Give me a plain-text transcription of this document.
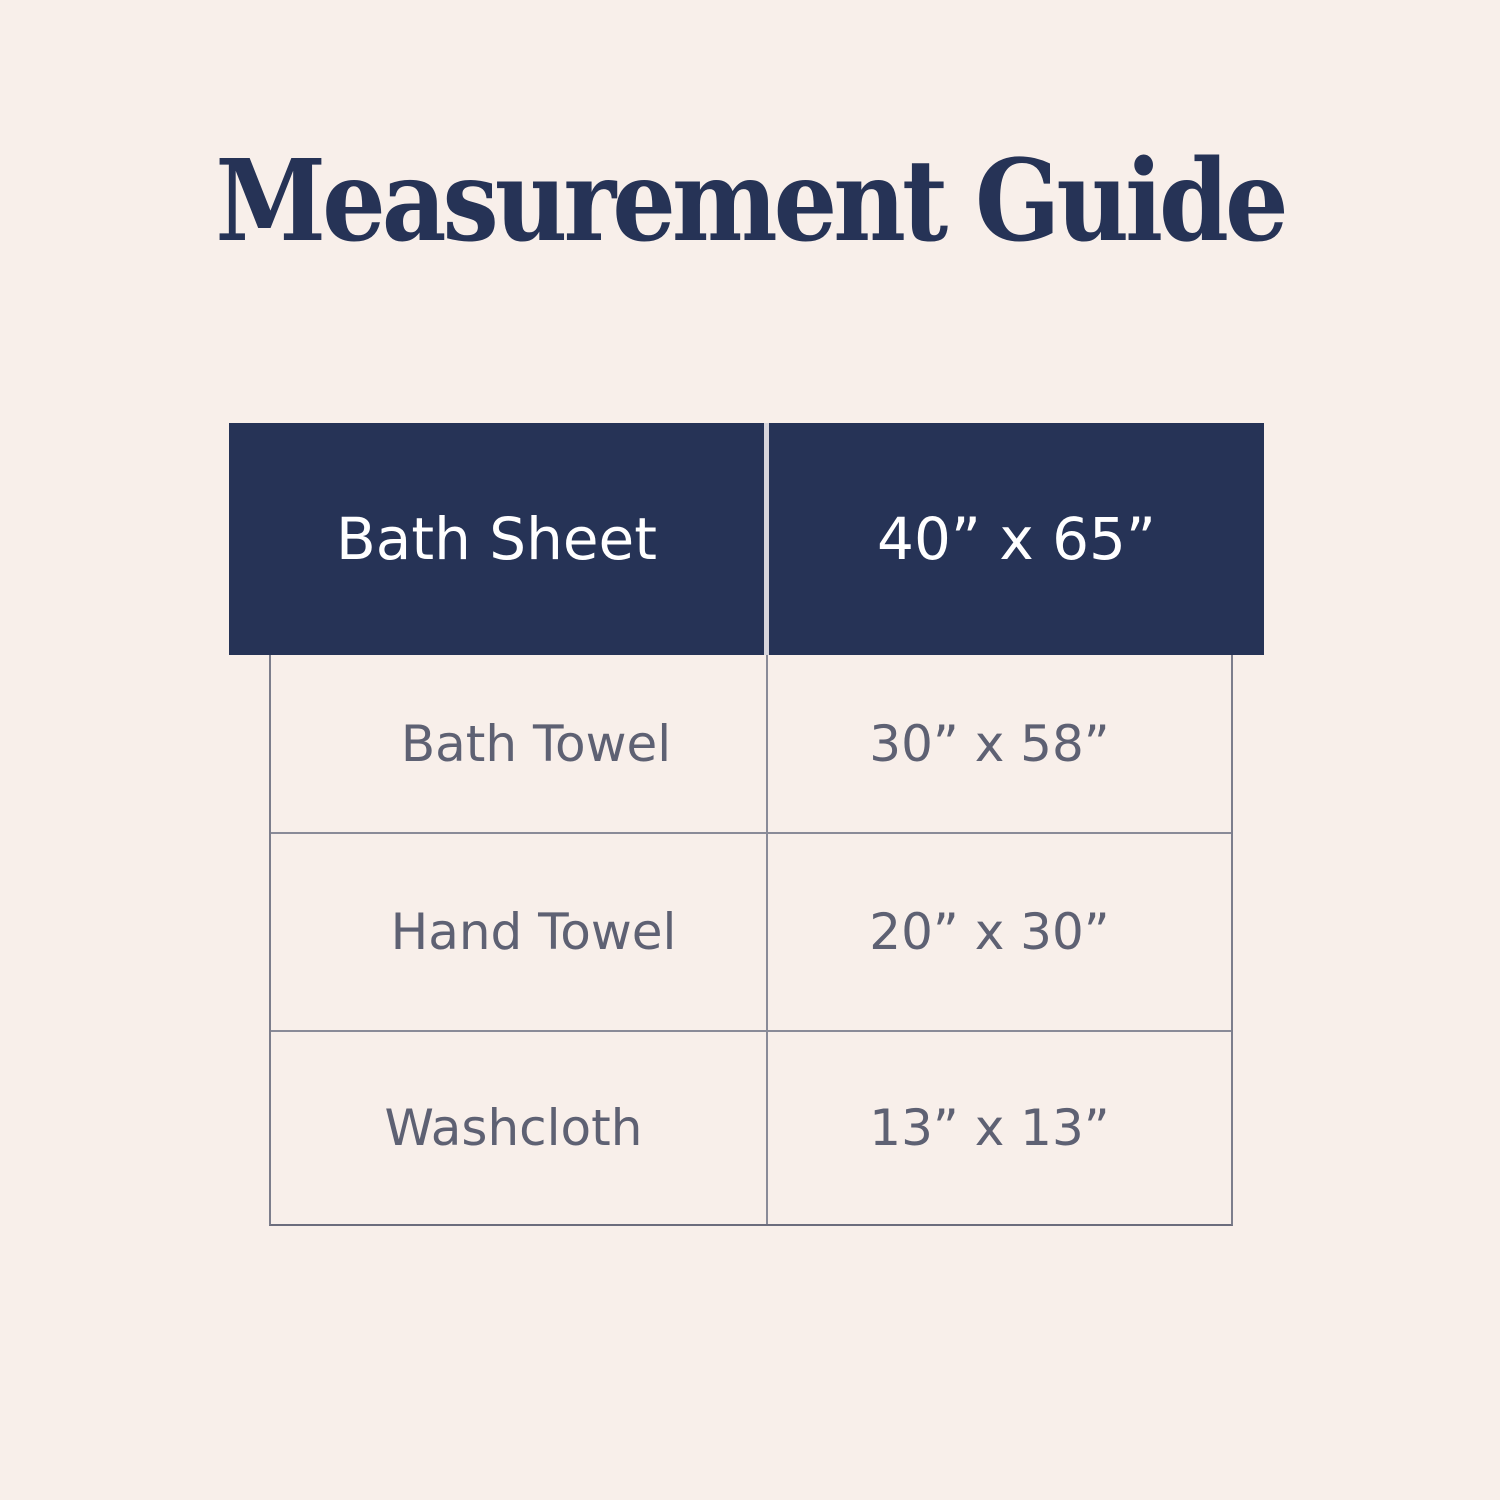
Measurement Guide
Bath Sheet	40” x 65”
Bath Towel	30” x 58”
Hand Towel	20” x 30”
Washcloth	13” x 13”
